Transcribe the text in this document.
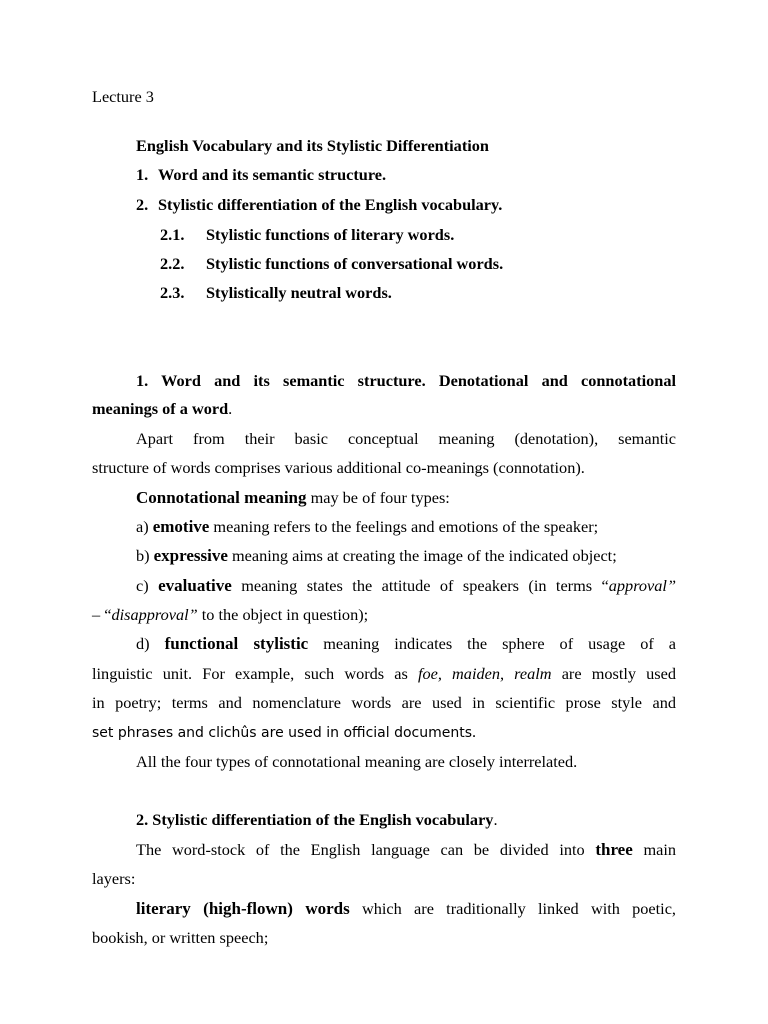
Lecture 3
English Vocabulary and its Stylistic Differentiation
1. Word and its semantic structure.
2. Stylistic differentiation of the English vocabulary.
2.1. Stylistic functions of literary words.
2.2. Stylistic functions of conversational words.
2.3. Stylistically neutral words.
1. Word and its semantic structure. Denotational and connotational
meanings of a word.
Apart from their basic conceptual meaning (denotation), semantic
structure of words comprises various additional co-meanings (connotation).
Connotational meaning may be of four types:
a) emotive meaning refers to the feelings and emotions of the speaker;
b) expressive meaning aims at creating the image of the indicated object;
c) evaluative meaning states the attitude of speakers (in terms “approval”
– “disapproval” to the object in question);
d) functional stylistic meaning indicates the sphere of usage of a
linguistic unit. For example, such words as foe, maiden, realm are mostly used
in poetry; terms and nomenclature words are used in scientific prose style and
set phrases and clichûs are used in official documents.
All the four types of connotational meaning are closely interrelated.
2. Stylistic differentiation of the English vocabulary.
The word-stock of the English language can be divided into three main
layers:
literary (high-flown) words which are traditionally linked with poetic,
bookish, or written speech;
